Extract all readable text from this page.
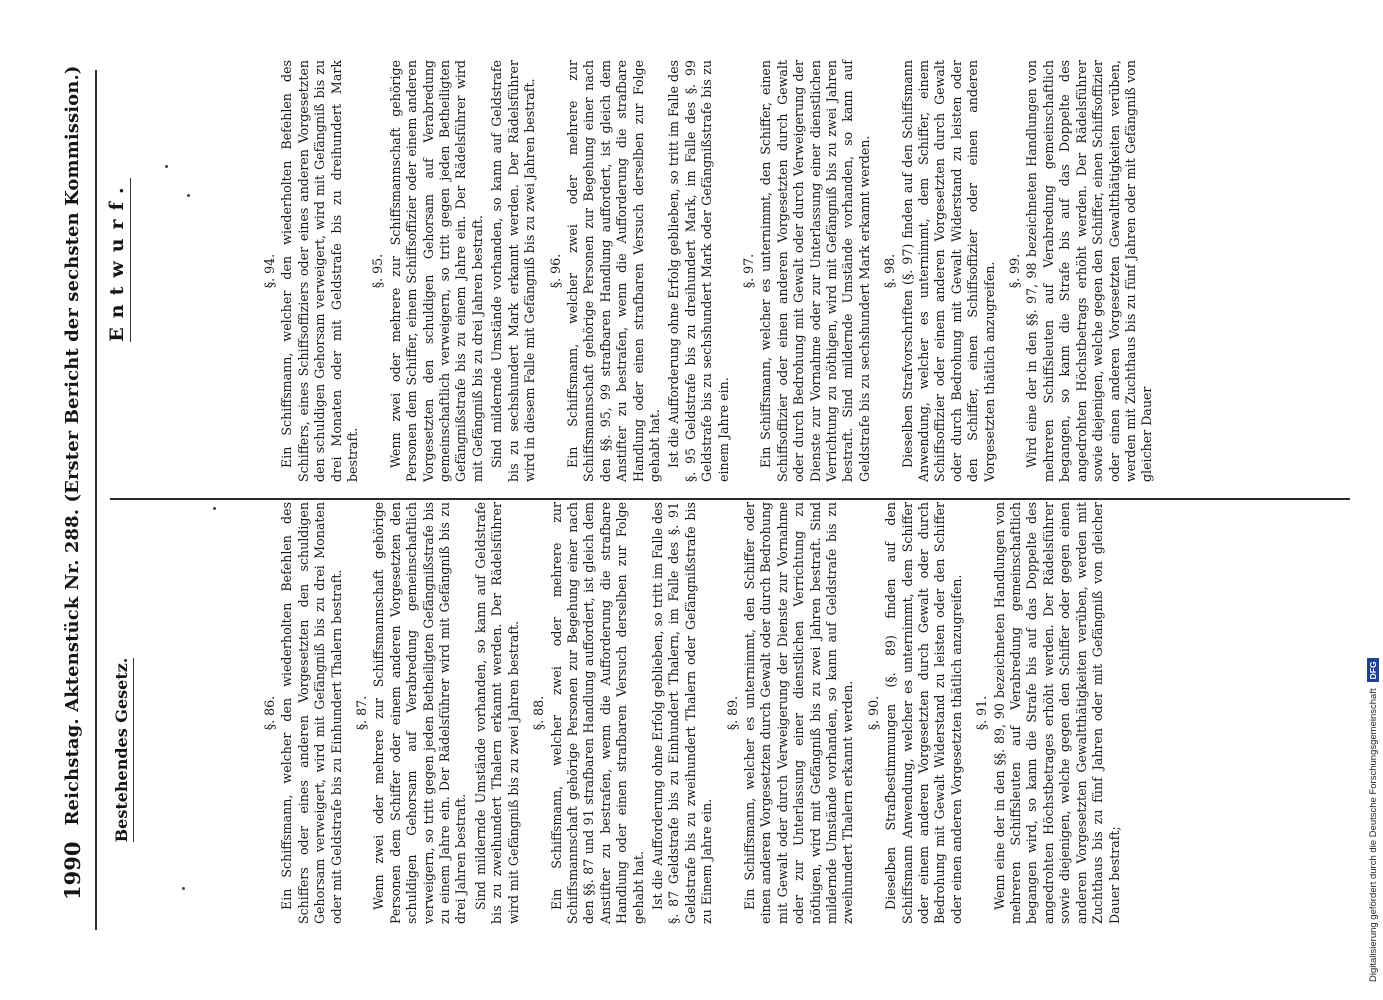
1990
Reichstag. Aktenstück Nr. 288. (Erster Bericht der sechsten Kommission.) Bestehendes Gesetz.
Entwurf.
§. 86. Ein Schiffsmann, welcher den wiederholten Befehlen des Schiffers oder eines anderen Vorgesetzten den schuldigen Gehorsam verweigert, wird mit Gefängniß bis zu drei Monaten oder mit Geldstrafe bis zu Einhundert Thalern bestraft. §. 87. Wenn zwei oder mehrere zur Schiffsmannschaft gehörige Personen dem Schiffer oder einem anderen Vorgesetzten den schuldigen Gehorsam auf Verabredung gemeinschaftlich verweigern, so tritt gegen jeden Betheiligten Gefängnißstrafe bis zu einem Jahre ein. Der Rädelsführer wird mit Gefängniß bis zu drei Jahren bestraft. Sind mildernde Umstände vorhanden, so kann auf Geldstrafe bis zu zweihundert Thalern erkannt werden. Der Rädelsführer wird mit Gefängniß bis zu zwei Jahren bestraft. §. 88. Ein Schiffsmann, welcher zwei oder mehrere zur Schiffsmannschaft gehörige Personen zur Begehung einer nach den §§. 87 und 91 strafbaren Handlung auffordert, ist gleich dem Anstifter zu bestrafen, wenn die Aufforderung die strafbare Handlung oder einen strafbaren Versuch derselben zur Folge gehabt hat. Ist die Aufforderung ohne Erfolg geblieben, so tritt im Falle des §. 87 Geldstrafe bis zu Einhundert Thalern, im Falle des §. 91 Geldstrafe bis zu zweihundert Thalern oder Gefängnißstrafe bis zu Einem Jahre ein.

§. 89. Ein Schiffsmann, welcher es unternimmt, den Schiffer oder einen anderen Vorgesetzten durch Gewalt oder durch Bedrohung mit Gewalt oder durch Verweigerung der Dienste zur Vornahme oder zur Unterlassung einer dienstlichen Verrichtung zu nöthigen, wird mit Gefängniß bis zu zwei Jahren bestraft. Sind mildernde Umstände vorhanden, so kann auf Geldstrafe bis zu zweihundert Thalern erkannt werden. §. 90. Dieselben Strafbestimmungen (§. 89) finden auf den Schiffsmann Anwendung, welcher es unternimmt, dem Schiffer oder einem anderen Vorgesetzten durch Gewalt oder durch Bedrohung mit Gewalt Widerstand zu leisten oder den Schiffer oder einen anderen Vorgesetzten thätlich anzugreifen. §. 91. Wenn eine der in den §§. 89, 90 bezeichneten Handlungen von mehreren Schiffsleuten auf Verabredung gemeinschaftlich begangen wird, so kann die Strafe bis auf das Doppelte des angedrohten Höchstbetrages erhöht werden. Der Rädelsführer sowie diejenigen, welche gegen den Schiffer oder gegen einen anderen Vorgesetzten Gewaltthätigkeiten verüben, werden mit Zuchthaus bis zu fünf Jahren oder mit Gefängniß von gleicher Dauer bestraft;

§. 94. Ein Schiffsmann, welcher den wiederholten Befehlen des Schiffers, eines Schiffsoffiziers oder eines anderen Vorgesetzten den schuldigen Gehorsam verweigert, wird mit Gefängniß bis zu drei Monaten oder mit Geldstrafe bis zu dreihundert Mark bestraft.

§. 95. Wenn zwei oder mehrere zur Schiffsmannschaft gehörige Personen dem Schiffer, einem Schiffsoffizier oder einem anderen Vorgesetzten den schuldigen Gehorsam auf Verabredung gemeinschaftlich verweigern, so tritt gegen jeden Betheiligten Gefängnißstrafe bis zu einem Jahre ein. Der Rädelsführer wird mit Gefängniß bis zu drei Jahren bestraft. Sind mildernde Umstände vorhanden, so kann auf Geldstrafe bis zu sechshundert Mark erkannt werden. Der Rädelsführer wird in diesem Falle mit Gefängniß bis zu zwei Jahren bestraft. §. 96. Ein Schiffsmann, welcher zwei oder mehrere zur Schiffsmannschaft gehörige Personen zur Begehung einer nach den §§. 95, 99 strafbaren Handlung auffordert, ist gleich dem Anstifter zu bestrafen, wenn die Aufforderung die strafbare Handlung oder einen strafbaren Versuch derselben zur Folge gehabt hat. Ist die Aufforderung ohne Erfolg geblieben, so tritt im Falle des §. 95 Geldstrafe bis zu dreihundert Mark, im Falle des §. 99 Geldstrafe bis zu sechshundert Mark oder Gefängnißstrafe bis zu einem Jahre ein.

§. 97. Ein Schiffsmann, welcher es unternimmt, den Schiffer, einen Schiffsoffizier oder einen anderen Vorgesetzten durch Gewalt oder durch Bedrohung mit Gewalt oder durch Verweigerung der Dienste zur Vornahme oder zur Unterlassung einer dienstlichen Verrichtung zu nöthigen, wird mit Gefängniß bis zu zwei Jahren bestraft. Sind mildernde Umstände vorhanden, so kann auf Geldstrafe bis zu sechshundert Mark erkannt werden. §. 98. Dieselben Strafvorschriften (§. 97) finden auf den Schiffsmann Anwendung, welcher es unternimmt, dem Schiffer, einem Schiffsoffizier oder einem anderen Vorgesetzten durch Gewalt oder durch Bedrohung mit Gewalt Widerstand zu leisten oder den Schiffer, einen Schiffsoffizier oder einen anderen Vorgesetzten thätlich anzugreifen. §. 99. Wird eine der in den §§. 97, 98 bezeichneten Handlungen von mehreren Schiffsleuten auf Verabredung gemeinschaftlich begangen, so kann die Strafe bis auf das Doppelte des angedrohten Höchstbetrags erhöht werden. Der Rädelsführer sowie diejenigen, welche gegen den Schiffer, einen Schiffsoffizier oder einen anderen Vorgesetzten Gewaltthätigkeiten verüben, werden mit Zuchthaus bis zu fünf Jahren oder mit Gefängniß von gleicher Dauer

Digitalisierung gefördert durch die Deutsche Forschungsgemeinschaft
DFG
